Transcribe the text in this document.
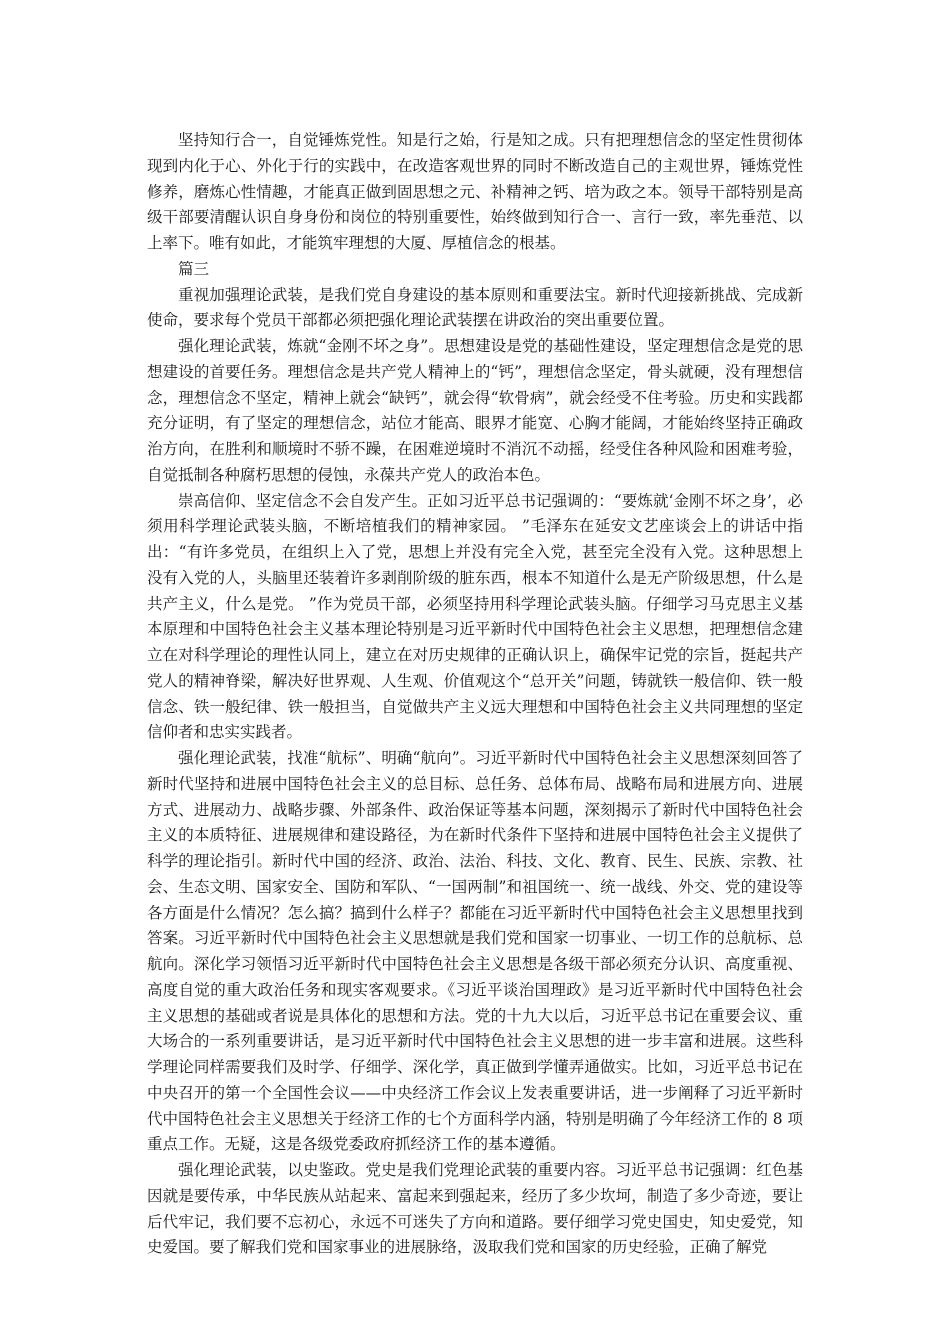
坚持知行合一，自觉锤炼党性。知是行之始，行是知之成。只有把理想信念的坚定性贯彻体现到内化于心、外化于行的实践中，在改造客观世界的同时不断改造自己的主观世界，锤炼党性修养，磨炼心性情趣，才能真正做到固思想之元、补精神之钙、培为政之本。领导干部特别是高级干部要清醒认识自身身份和岗位的特别重要性，始终做到知行合一、言行一致，率先垂范、以上率下。唯有如此，才能筑牢理想的大厦、厚植信念的根基。

篇三

重视加强理论武装，是我们党自身建设的基本原则和重要法宝。新时代迎接新挑战、完成新使命，要求每个党员干部都必须把强化理论武装摆在讲政治的突出重要位置。

强化理论武装，炼就“金刚不坏之身”。思想建设是党的基础性建设，坚定理想信念是党的思想建设的首要任务。理想信念是共产党人精神上的“钙”，理想信念坚定，骨头就硬，没有理想信念，理想信念不坚定，精神上就会“缺钙”，就会得“软骨病”，就会经受不住考验。历史和实践都充分证明，有了坚定的理想信念，站位才能高、眼界才能宽、心胸才能阔，才能始终坚持正确政治方向，在胜利和顺境时不骄不躁，在困难逆境时不消沉不动摇，经受住各种风险和困难考验，自觉抵制各种腐朽思想的侵蚀，永葆共产党人的政治本色。

崇高信仰、坚定信念不会自发产生。正如习近平总书记强调的：“要炼就‘金刚不坏之身’，必须用科学理论武装头脑，不断培植我们的精神家园。 ”毛泽东在延安文艺座谈会上的讲话中指出：“有许多党员，在组织上入了党，思想上并没有完全入党，甚至完全没有入党。这种思想上没有入党的人，头脑里还装着许多剥削阶级的脏东西，根本不知道什么是无产阶级思想，什么是共产主义，什么是党。 ”作为党员干部，必须坚持用科学理论武装头脑。仔细学习马克思主义基本原理和中国特色社会主义基本理论特别是习近平新时代中国特色社会主义思想，把理想信念建立在对科学理论的理性认同上，建立在对历史规律的正确认识上，确保牢记党的宗旨，挺起共产党人的精神脊梁，解决好世界观、人生观、价值观这个“总开关”问题，铸就铁一般信仰、铁一般信念、铁一般纪律、铁一般担当，自觉做共产主义远大理想和中国特色社会主义共同理想的坚定信仰者和忠实实践者。

强化理论武装，找准“航标”、明确“航向”。习近平新时代中国特色社会主义思想深刻回答了新时代坚持和进展中国特色社会主义的总目标、总任务、总体布局、战略布局和进展方向、进展方式、进展动力、战略步骤、外部条件、政治保证等基本问题，深刻揭示了新时代中国特色社会主义的本质特征、进展规律和建设路径，为在新时代条件下坚持和进展中国特色社会主义提供了科学的理论指引。新时代中国的经济、政治、法治、科技、文化、教育、民生、民族、宗教、社会、生态文明、国家安全、国防和军队、“一国两制”和祖国统一、统一战线、外交、党的建设等各方面是什么情况？怎么搞？搞到什么样子？都能在习近平新时代中国特色社会主义思想里找到答案。习近平新时代中国特色社会主义思想就是我们党和国家一切事业、一切工作的总航标、总航向。深化学习领悟习近平新时代中国特色社会主义思想是各级干部必须充分认识、高度重视、高度自觉的重大政治任务和现实客观要求。《习近平谈治国理政》是习近平新时代中国特色社会主义思想的基础或者说是具体化的思想和方法。党的十九大以后，习近平总书记在重要会议、重大场合的一系列重要讲话，是习近平新时代中国特色社会主义思想的进一步丰富和进展。这些科学理论同样需要我们及时学、仔细学、深化学，真正做到学懂弄通做实。比如，习近平总书记在中央召开的第一个全国性会议——中央经济工作会议上发表重要讲话，进一步阐释了习近平新时代中国特色社会主义思想关于经济工作的七个方面科学内涵，特别是明确了今年经济工作的 8 项重点工作。无疑，这是各级党委政府抓经济工作的基本遵循。

强化理论武装，以史鉴政。党史是我们党理论武装的重要内容。习近平总书记强调：红色基因就是要传承，中华民族从站起来、富起来到强起来，经历了多少坎坷，制造了多少奇迹，要让后代牢记，我们要不忘初心，永远不可迷失了方向和道路。要仔细学习党史国史，知史爱党，知史爱国。要了解我们党和国家事业的进展脉络，汲取我们党和国家的历史经验，正确了解党
